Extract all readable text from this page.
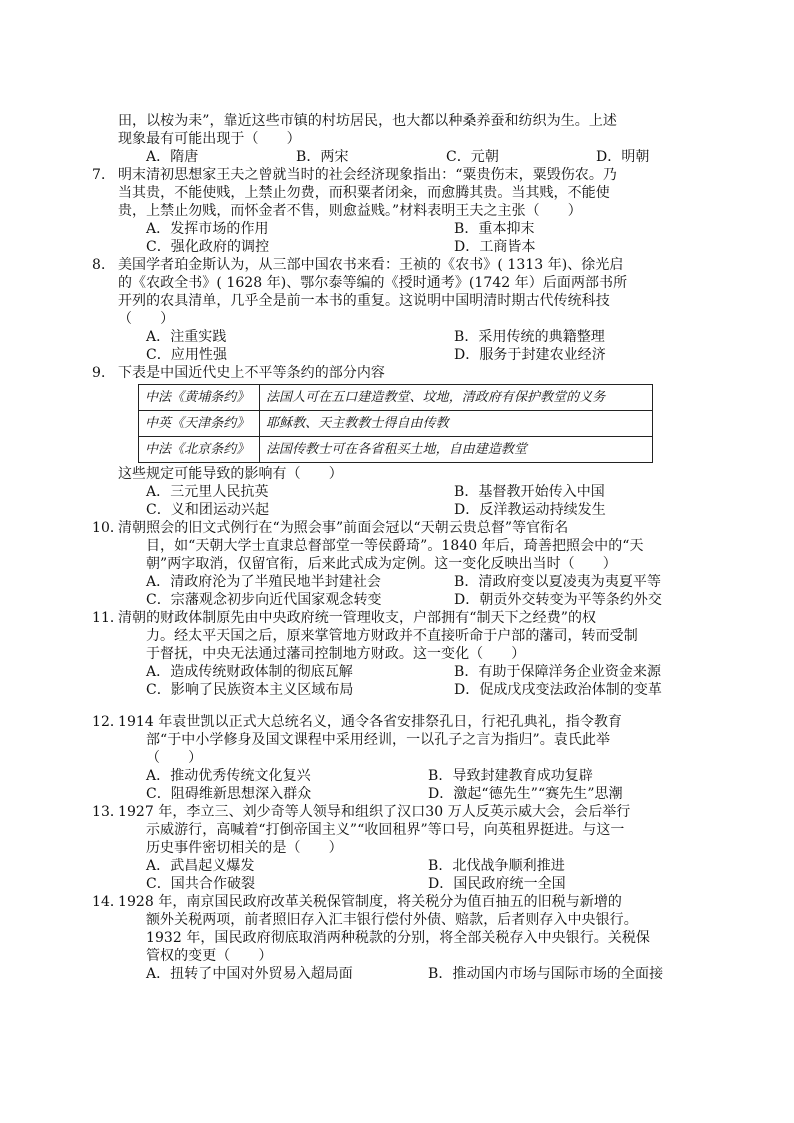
田，以桉为耒”，靠近这些市镇的村坊居民，也大都以种桑养蚕和纺织为生。上述
现象最有可能出现于（　　）
A．隋唐	B．两宋	C．元朝	D．明朝
7． 明末清初思想家王夫之曾就当时的社会经济现象指出：“粟贵伤末，粟毁伤农。乃
当其贵，不能使贱，上禁止勿费，而积粟者闭籴，而愈腾其贵。当其贱，不能使
贵，上禁止勿贱，而怀金者不售，则愈益贱。”材料表明王夫之主张（　　）
A．发挥市场的作用	B．重本抑末
C．强化政府的调控	D．工商皆本
8． 美国学者珀金斯认为，从三部中国农书来看：王祯的《农书》( 1313 年)、徐光启
的《农政全书》( 1628 年)、鄂尔泰等编的《授时通考》(1742 年）后面两部书所
开列的农具清单，几乎全是前一本书的重复。这说明中国明清时期古代传统科技
（　　）
A．注重实践	B．采用传统的典籍整理
C．应用性强	D．服务于封建农业经济
9． 下表是中国近代史上不平等条约的部分内容
中法《黄埔条约》	法国人可在五口建造教堂、坟地，清政府有保护教堂的义务
中英《天津条约》	耶稣教、天主教教士得自由传教
中法《北京条约》	法国传教士可在各省租买土地，自由建造教堂
这些规定可能导致的影响有（　　）
A．三元里人民抗英	B．基督教开始传入中国
C．义和团运动兴起	D．反洋教运动持续发生
10．清朝照会的旧文式例行在“为照会事”前面会冠以“天朝云贵总督”等官衔名
目，如“天朝大学士直隶总督部堂一等侯爵琦”。1840 年后，琦善把照会中的“天
朝”两字取消，仅留官衔，后来此式成为定例。这一变化反映出当时（　　）
A．清政府沦为了半殖民地半封建社会	B．清政府变以夏凌夷为夷夏平等
C．宗藩观念初步向近代国家观念转变	D．朝贡外交转变为平等条约外交
11．清朝的财政体制原先由中央政府统一管理收支，户部拥有“制天下之经费”的权
力。经太平天国之后，原来掌管地方财政并不直接听命于户部的藩司，转而受制
于督抚，中央无法通过藩司控制地方财政。这一变化（　　）
A．造成传统财政体制的彻底瓦解	B．有助于保障洋务企业资金来源
C．影响了民族资本主义区域布局	D．促成戊戌变法政治体制的变革
12．1914 年袁世凯以正式大总统名义，通令各省安排祭孔日，行祀孔典礼，指令教育
部“于中小学修身及国文课程中采用经训，一以孔子之言为指归”。袁氏此举
（　　）
A．推动优秀传统文化复兴	B．导致封建教育成功复辟
C．阻碍维新思想深入群众	D．激起“德先生”“赛先生”思潮
13．1927 年，李立三、刘少奇等人领导和组织了汉口30 万人反英示威大会，会后举行
示威游行，高喊着“打倒帝国主义”“收回租界”等口号，向英租界挺进。与这一
历史事件密切相关的是（　　）
A．武昌起义爆发	B．北伐战争顺利推进
C．国共合作破裂	D．国民政府统一全国
14．1928 年，南京国民政府改革关税保管制度，将关税分为值百抽五的旧税与新增的
额外关税两项，前者照旧存入汇丰银行偿付外债、赔款，后者则存入中央银行。
1932 年，国民政府彻底取消两种税款的分别，将全部关税存入中央银行。关税保
管权的变更（　　）
A．扭转了中国对外贸易入超局面	B．推动国内市场与国际市场的全面接
